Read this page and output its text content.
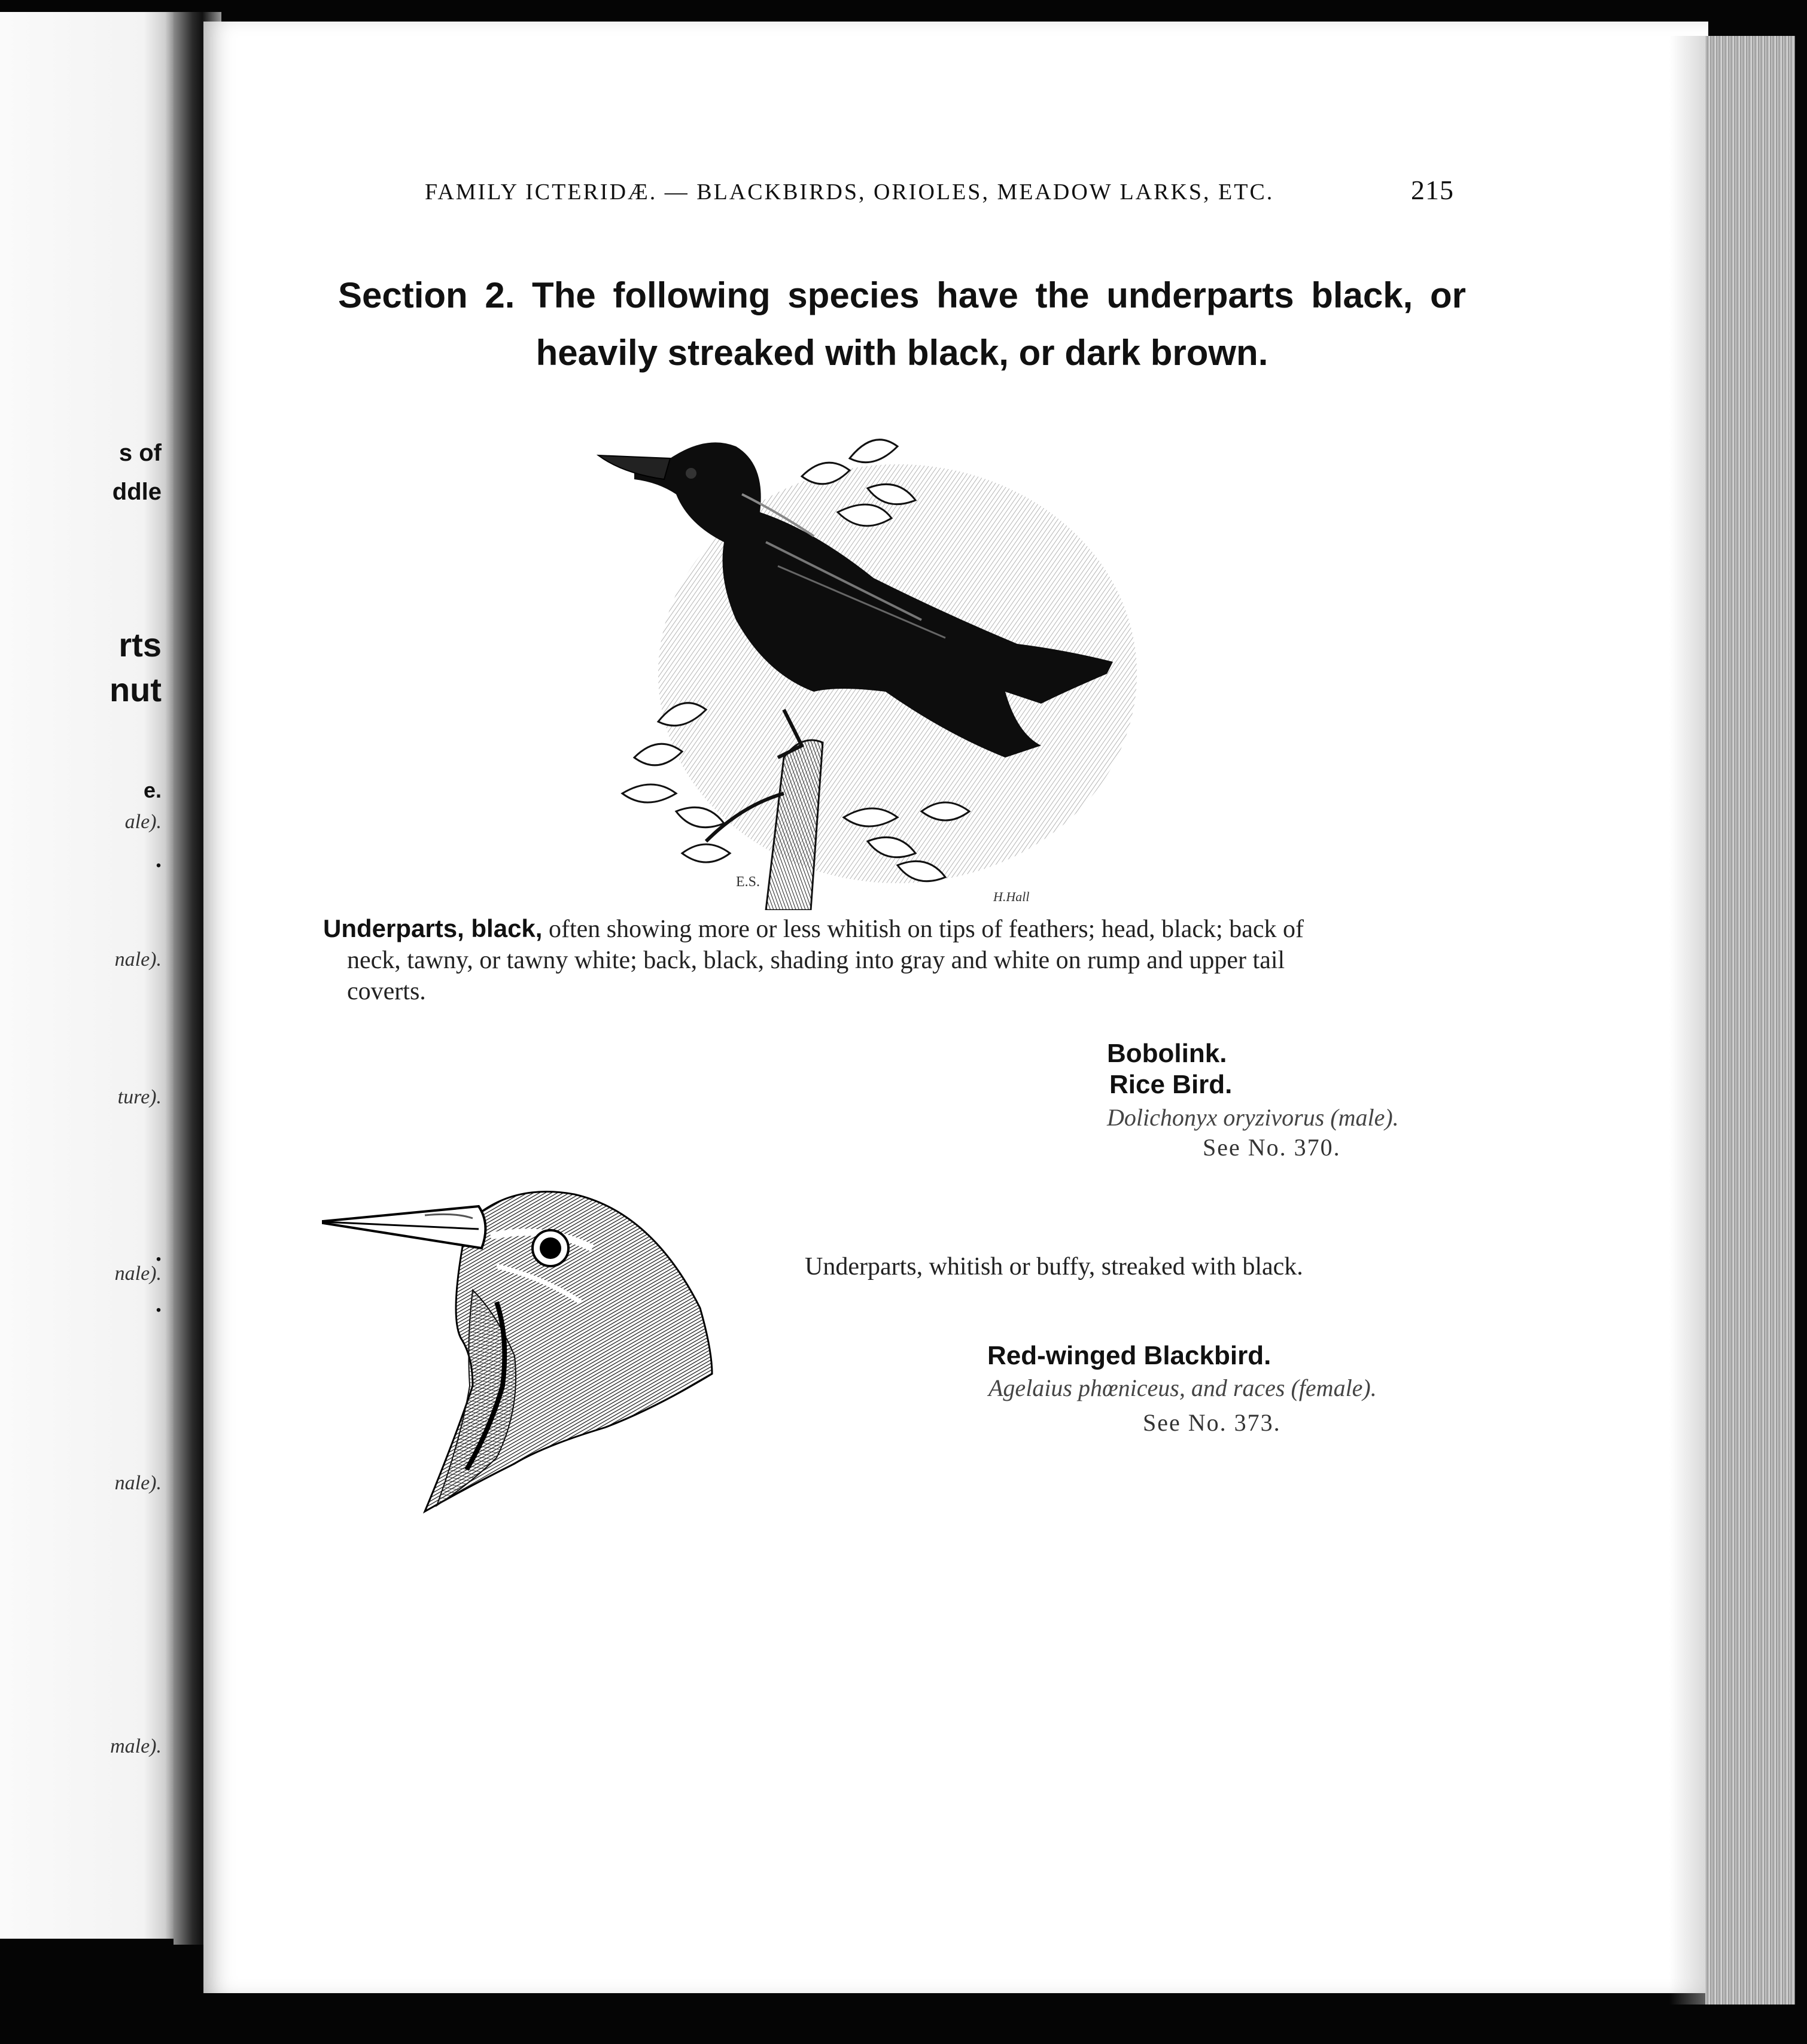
s of
ddle
rts
nut
e.
ale).
.
nale).
ture).
.
nale).
.
nale).
male).
FAMILY ICTERIDÆ. — BLACKBIRDS, ORIOLES, MEADOW LARKS, ETC.	215
Section 2. The following species have the underparts black, or heavily streaked with black, or dark brown.
E.S.
H.Hall
Underparts, black, often showing more or less whitish on tips of feathers; head, black; back of neck, tawny, or tawny white; back, black, shading into gray and white on rump and upper tail coverts.
Bobolink.
Rice Bird.
Dolichonyx oryzivorus (male).
See No. 370.
Underparts, whitish or buffy, streaked with black.
Red-winged Blackbird.
Agelaius phœniceus, and races (female).
See No. 373.
